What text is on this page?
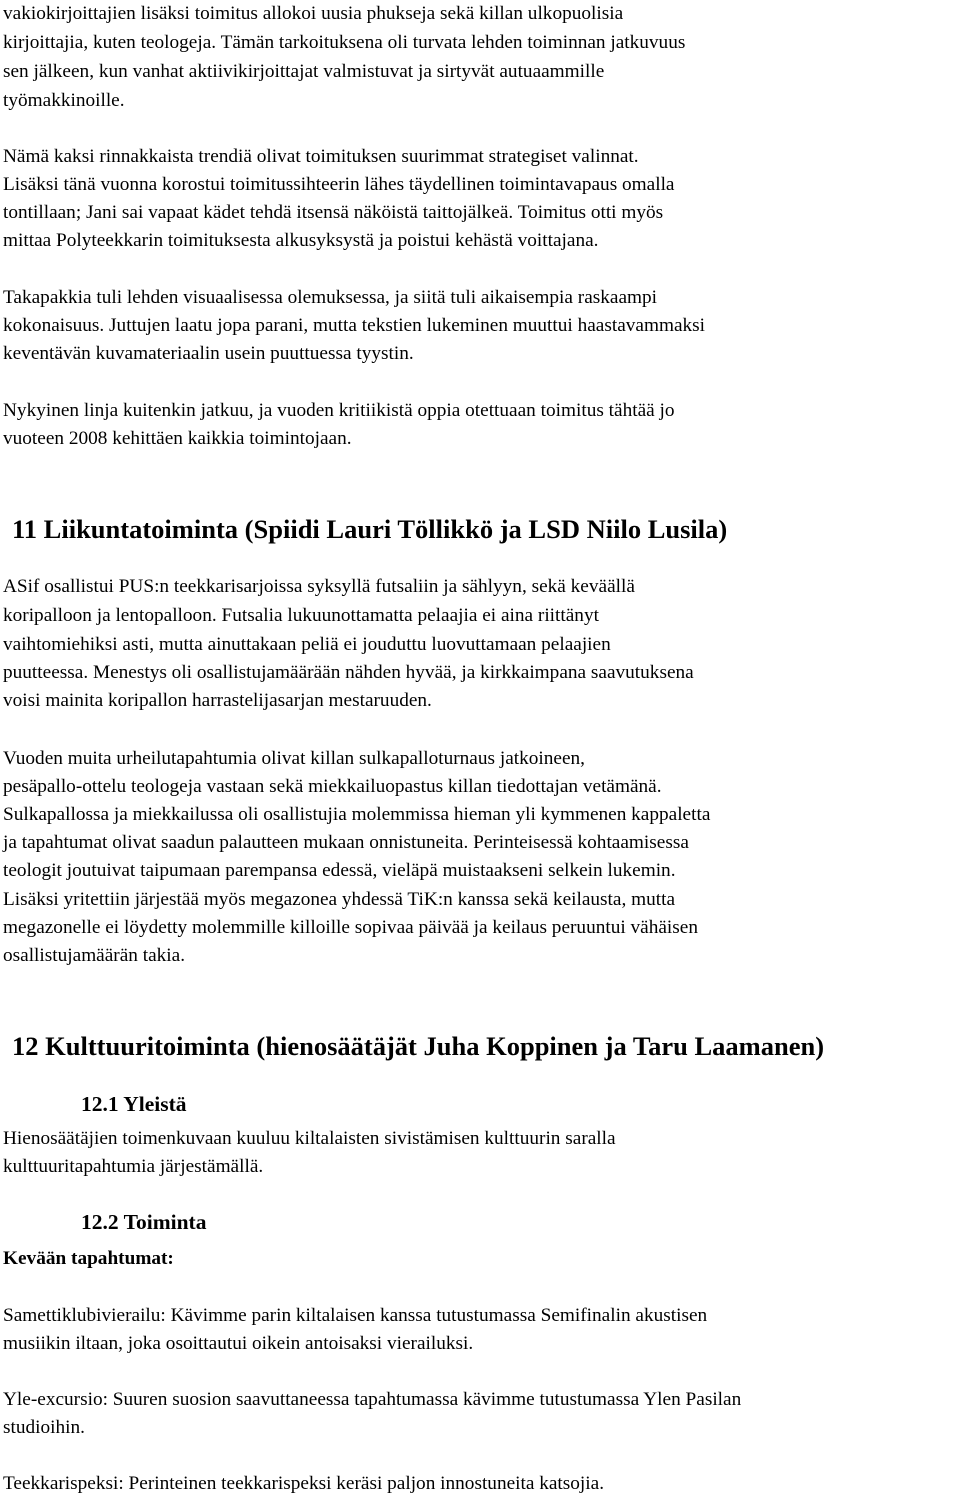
vakiokirjoittajien lisäksi toimitus allokoi uusia phukseja sekä killan ulkopuolisia

kirjoittajia, kuten teologeja. Tämän tarkoituksena oli turvata lehden toiminnan jatkuvuus

sen jälkeen, kun vanhat aktiivikirjoittajat valmistuvat ja sirtyvät autuaammille

työmakkinoille.

Nämä kaksi rinnakkaista trendiä olivat toimituksen suurimmat strategiset valinnat.

Lisäksi tänä vuonna korostui toimitussihteerin lähes täydellinen toimintavapaus omalla

tontillaan; Jani sai vapaat kädet tehdä itsensä näköistä taittojälkeä. Toimitus otti myös

mittaa Polyteekkarin toimituksesta alkusyksystä ja poistui kehästä voittajana.

Takapakkia tuli lehden visuaalisessa olemuksessa, ja siitä tuli aikaisempia raskaampi

kokonaisuus. Juttujen laatu jopa parani, mutta tekstien lukeminen muuttui haastavammaksi

keventävän kuvamateriaalin usein puuttuessa tyystin.

Nykyinen linja kuitenkin jatkuu, ja vuoden kritiikistä oppia otettuaan toimitus tähtää jo

vuoteen 2008 kehittäen kaikkia toimintojaan.

11 Liikuntatoiminta (Spiidi Lauri Töllikkö ja LSD Niilo Lusila)

ASif osallistui PUS:n teekkarisarjoissa syksyllä futsaliin ja sählyyn, sekä keväällä

koripalloon ja lentopalloon. Futsalia lukuunottamatta pelaajia ei aina riittänyt

vaihtomiehiksi asti, mutta ainuttakaan peliä ei jouduttu luovuttamaan pelaajien

puutteessa. Menestys oli osallistujamäärään nähden hyvää, ja kirkkaimpana saavutuksena

voisi mainita koripallon harrastelijasarjan mestaruuden.

Vuoden muita urheilutapahtumia olivat killan sulkapalloturnaus jatkoineen,

pesäpallo-ottelu teologeja vastaan sekä miekkailuopastus killan tiedottajan vetämänä.

Sulkapallossa ja miekkailussa oli osallistujia molemmissa hieman yli kymmenen kappaletta

ja tapahtumat olivat saadun palautteen mukaan onnistuneita. Perinteisessä kohtaamisessa

teologit joutuivat taipumaan parempansa edessä, vieläpä muistaakseni selkein lukemin.

Lisäksi yritettiin järjestää myös megazonea yhdessä TiK:n kanssa sekä keilausta, mutta

megazonelle ei löydetty molemmille killoille sopivaa päivää ja keilaus peruuntui vähäisen

osallistujamäärän takia.

12 Kulttuuritoiminta (hienosäätäjät Juha Koppinen ja Taru Laamanen)
12.1 Yleistä

Hienosäätäjien toimenkuvaan kuuluu kiltalaisten sivistämisen kulttuurin saralla

kulttuuritapahtumia järjestämällä.

12.2 Toiminta

Kevään tapahtumat:

Samettiklubivierailu: Kävimme parin kiltalaisen kanssa tutustumassa Semifinalin akustisen

musiikin iltaan, joka osoittautui oikein antoisaksi vierailuksi.

Yle-excursio: Suuren suosion saavuttaneessa tapahtumassa kävimme tutustumassa Ylen Pasilan

studioihin.

Teekkarispeksi: Perinteinen teekkarispeksi keräsi paljon innostuneita katsojia.
